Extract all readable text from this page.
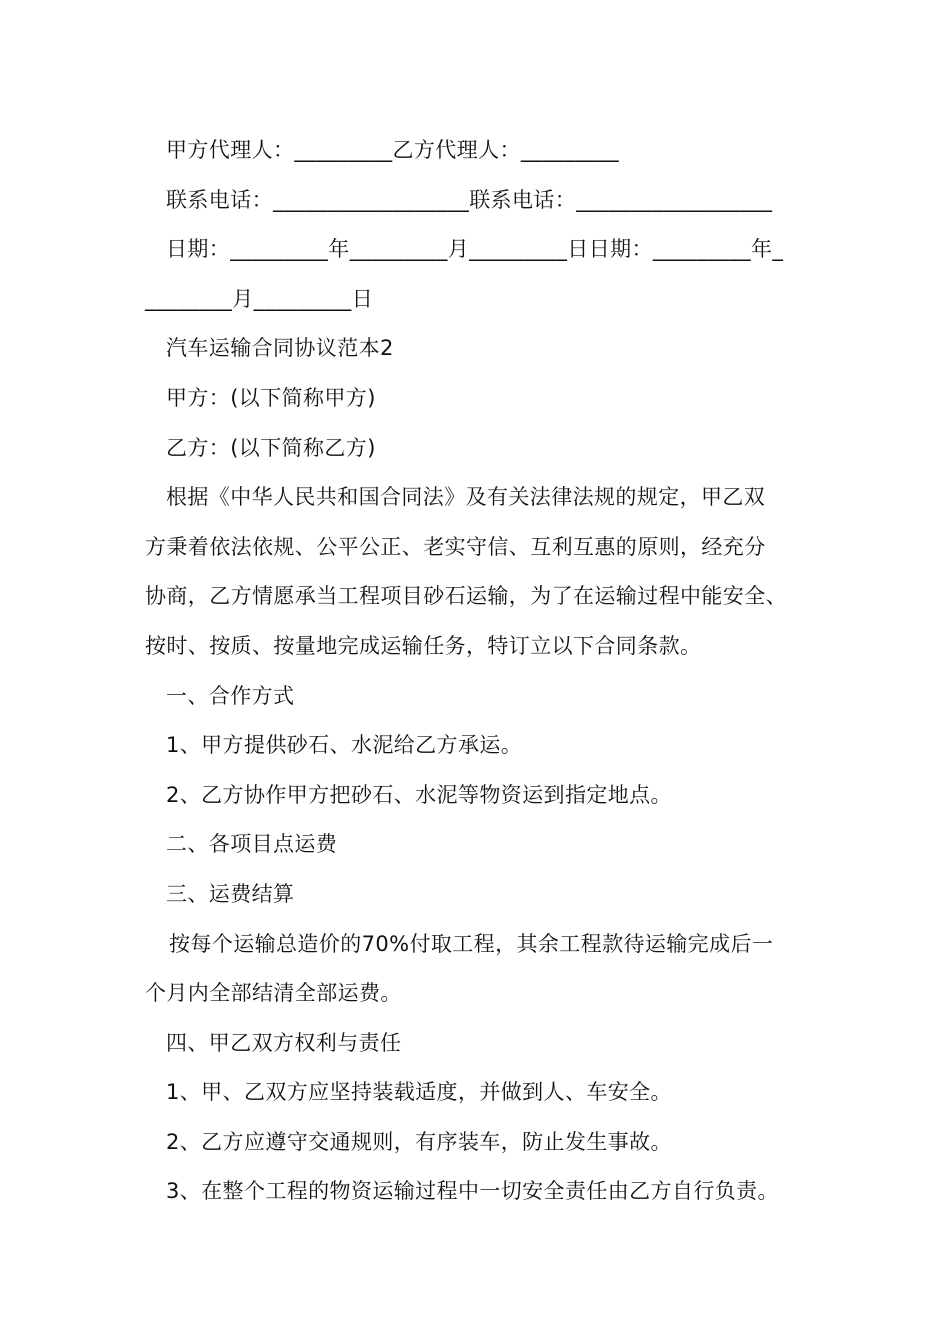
甲方代理人：_________乙方代理人：_________
联系电话：__________________联系电话：__________________
日期：_________年_________月_________日日期：_________年_
________月_________日
汽车运输合同协议范本2
甲方：(以下简称甲方)
乙方：(以下简称乙方)
根据《中华人民共和国合同法》及有关法律法规的规定，甲乙双
方秉着依法依规、公平公正、老实守信、互利互惠的原则，经充分
协商，乙方情愿承当工程项目砂石运输，为了在运输过程中能安全、
按时、按质、按量地完成运输任务，特订立以下合同条款。
一、合作方式
1、甲方提供砂石、水泥给乙方承运。
2、乙方协作甲方把砂石、水泥等物资运到指定地点。
二、各项目点运费
三、运费结算
按每个运输总造价的70%付取工程，其余工程款待运输完成后一
个月内全部结清全部运费。
四、甲乙双方权利与责任
1、甲、乙双方应坚持装载适度，并做到人、车安全。
2、乙方应遵守交通规则，有序装车，防止发生事故。
3、在整个工程的物资运输过程中一切安全责任由乙方自行负责。
